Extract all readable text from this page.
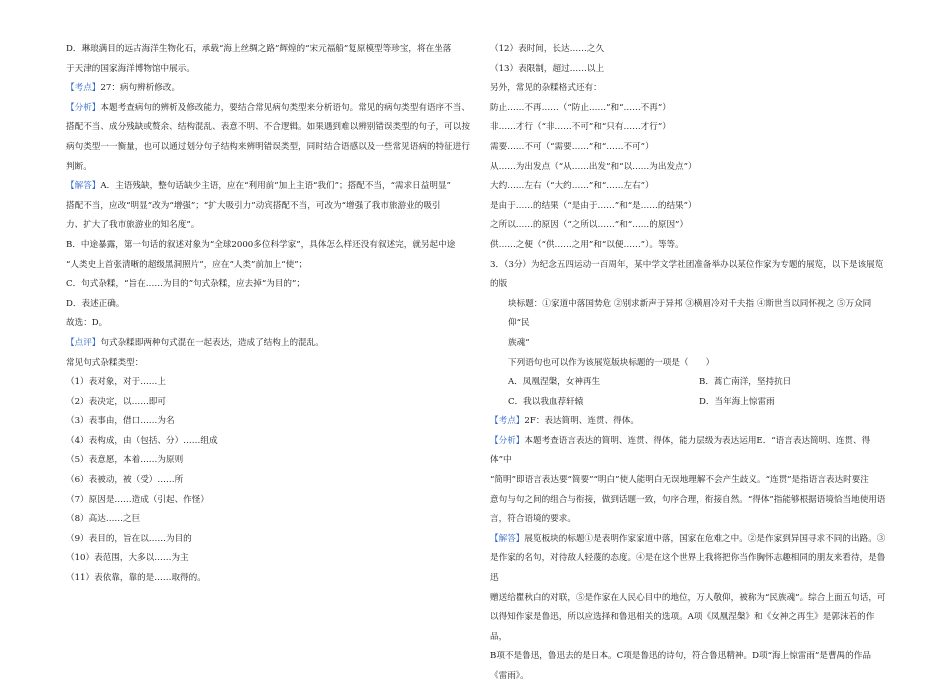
D．琳琅满目的远古海洋生物化石，承载“海上丝绸之路”辉煌的“宋元福船”复原模型等珍宝，将在坐落
于天津的国家海洋博物馆中展示。
【考点】27：病句辨析修改。
【分析】本题考查病句的辨析及修改能力，要结合常见病句类型来分析语句。常见的病句类型有语序不当、
搭配不当、成分残缺或赘余、结构混乱、表意不明、不合逻辑。如果遇到难以辨别错误类型的句子，可以按
病句类型一一衡量，也可以通过划分句子结构来辨明错误类型，同时结合语感以及一些常见语病的特征进行
判断。
【解答】A．主语残缺，整句话缺少主语，应在“利用前”加上主语“我们”；搭配不当，“需求日益明显”
搭配不当，应改“明显”改为“增强”；“扩大吸引力”动宾搭配不当，可改为“增强了我市旅游业的吸引
力、扩大了我市旅游业的知名度”。
B．中途暴露，第一句话的叙述对象为“全球2000多位科学家”，具体怎么样还没有叙述完，就另起中途
“人类史上首张清晰的超级黑洞照片”，应在“人类”前加上“使”；
C．句式杂糅，“旨在……为目的”句式杂糅，应去掉“为目的”；
D．表述正确。
故选：D。
【点评】句式杂糅即两种句式混在一起表达，造成了结构上的混乱。
常见句式杂糅类型：
（1）表对象，对于……上
（2）表决定，以……即可
（3）表事由，借口……为名
（4）表构成，由（包括、分）……组成
（5）表意愿，本着……为原则
（6）表被动，被（受）……所
（7）原因是……造成（引起、作怪）
（8）高达……之巨
（9）表目的，旨在以……为目的
（10）表范围，大多以……为主
（11）表依靠，靠的是……取得的。
（12）表时间，长达……之久
（13）表限制，超过……以上
另外，常见的杂糅格式还有：
防止……不再……（“防止……”和“……不再”）
非……才行（“非……不可”和“只有……才行”）
需要……不可（“需要……”和“……不可”）
从……为出发点（“从……出发”和“以……为出发点”）
大约……左右（“大约……”和“……左右”）
是由于……的结果（“是由于……”和“是……的结果”）
之所以……的原因（“之所以……”和“……的原因”）
供……之便（“供……之用”和“以便……”）。等等。
3．（3分）为纪念五四运动一百周年，某中学文学社团准备举办以某位作家为专题的展览，以下是该展览的版
块标题：①家道中落国势危 ②别求新声于异邦 ③横眉冷对千夫指 ④斯世当以同怀视之 ⑤万众同仰“民
族魂”
下列语句也可以作为该展览版块标题的一项是（　　）
A．凤凰涅槃，女神再生	B．蒿亡南洋，坚持抗日
C．我以我血荐轩辕	D．当年海上惊雷雨
【考点】2F：表达简明、连贯、得体。
【分析】本题考查语言表达的简明、连贯、得体，能力层级为表达运用E．“语言表达简明、连贯、得体”中
“简明”即语言表达要“简要”“明白”使人能明白无误地理解不会产生歧义。“连贯”是指语言表达时要注
意句与句之间的组合与衔接，做到话题一致，句序合理，衔接自然。“得体”指能够根据语境恰当地使用语
言，符合语境的要求。
【解答】展览板块的标题①是表明作家家道中落，国家在危难之中。②是作家到异国寻求不同的出路。③
是作家的名句，对待敌人轻蔑的态度。④是在这个世界上我将把你当作胸怀志趣相同的朋友来看待，是鲁迅
赠送给瞿秋白的对联，⑤是作家在人民心目中的地位，万人敬仰，被称为“民族魂”。综合上面五句话，可
以得知作家是鲁迅，所以应选择和鲁迅相关的选项。A项《凤凰涅槃》和《女神之再生》是郭沫若的作品，
B项不是鲁迅，鲁迅去的是日本。C项是鲁迅的诗句，符合鲁迅精神。D项“海上惊雷雨”是曹禺的作品
《雷雨》。
